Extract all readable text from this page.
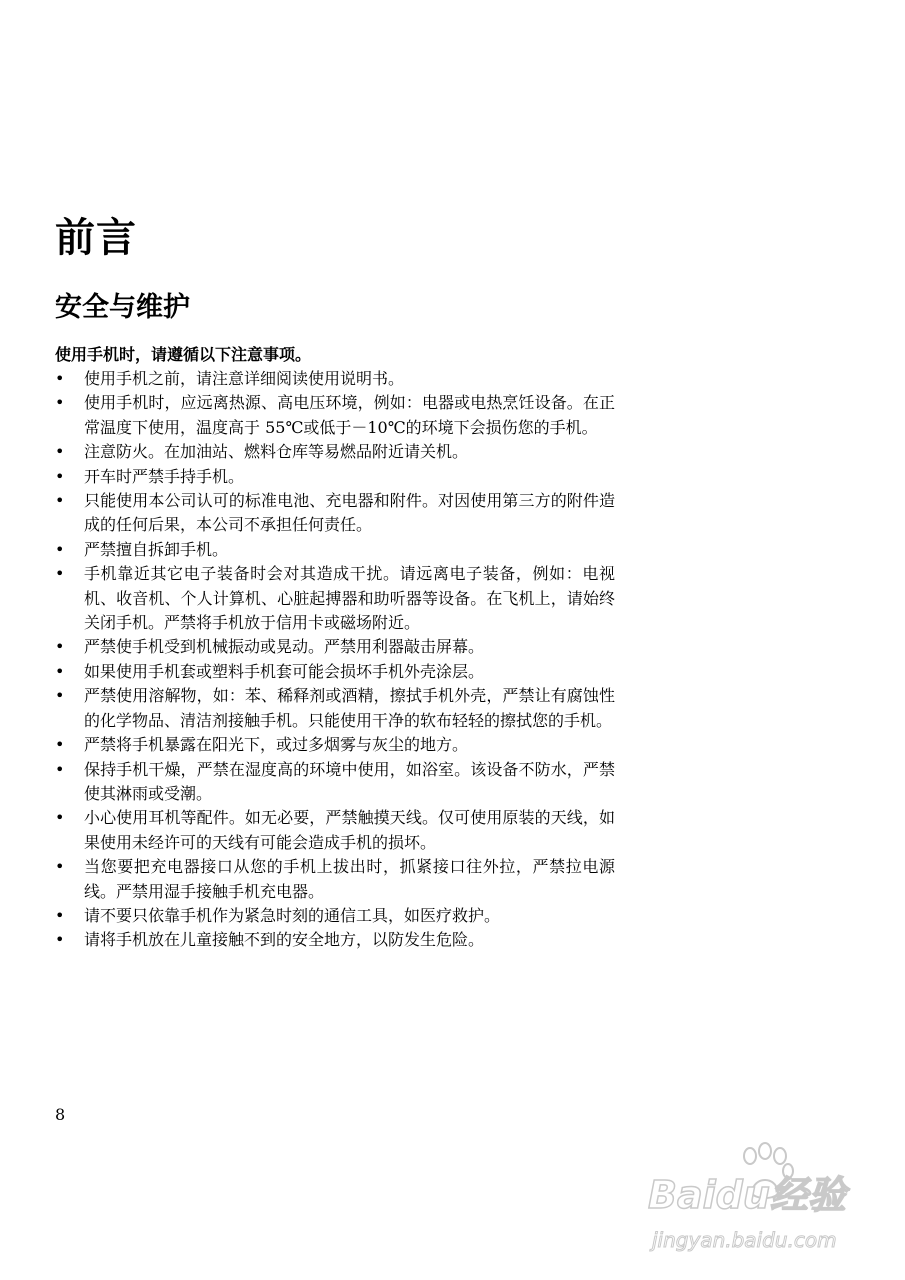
前言
安全与维护

使用手机时，请遵循以下注意事项。

•	使用手机之前，请注意详细阅读使用说明书。
•	使用手机时，应远离热源、高电压环境，例如：电器或电热烹饪设备。在正常温度下使用，温度高于 55℃或低于－10℃的环境下会损伤您的手机。
•	注意防火。在加油站、燃料仓库等易燃品附近请关机。
•	开车时严禁手持手机。
•	只能使用本公司认可的标准电池、充电器和附件。对因使用第三方的附件造成的任何后果，本公司不承担任何责任。
•	严禁擅自拆卸手机。
•	手机靠近其它电子装备时会对其造成干扰。请远离电子装备，例如：电视机、收音机、个人计算机、心脏起搏器和助听器等设备。在飞机上，请始终关闭手机。严禁将手机放于信用卡或磁场附近。
•	严禁使手机受到机械振动或晃动。严禁用利器敲击屏幕。
•	如果使用手机套或塑料手机套可能会损坏手机外壳涂层。
•	严禁使用溶解物，如：苯、稀释剂或酒精，擦拭手机外壳，严禁让有腐蚀性的化学物品、清洁剂接触手机。只能使用干净的软布轻轻的擦拭您的手机。
•	严禁将手机暴露在阳光下，或过多烟雾与灰尘的地方。
•	保持手机干燥，严禁在湿度高的环境中使用，如浴室。该设备不防水，严禁使其淋雨或受潮。
•	小心使用耳机等配件。如无必要，严禁触摸天线。仅可使用原装的天线，如果使用未经许可的天线有可能会造成手机的损坏。
•	当您要把充电器接口从您的手机上拔出时，抓紧接口往外拉，严禁拉电源线。严禁用湿手接触手机充电器。
•	请不要只依靠手机作为紧急时刻的通信工具，如医疗救护。
•	请将手机放在儿童接触不到的安全地方，以防发生危险。
8
Baidu经验
jingyan.baidu.com
